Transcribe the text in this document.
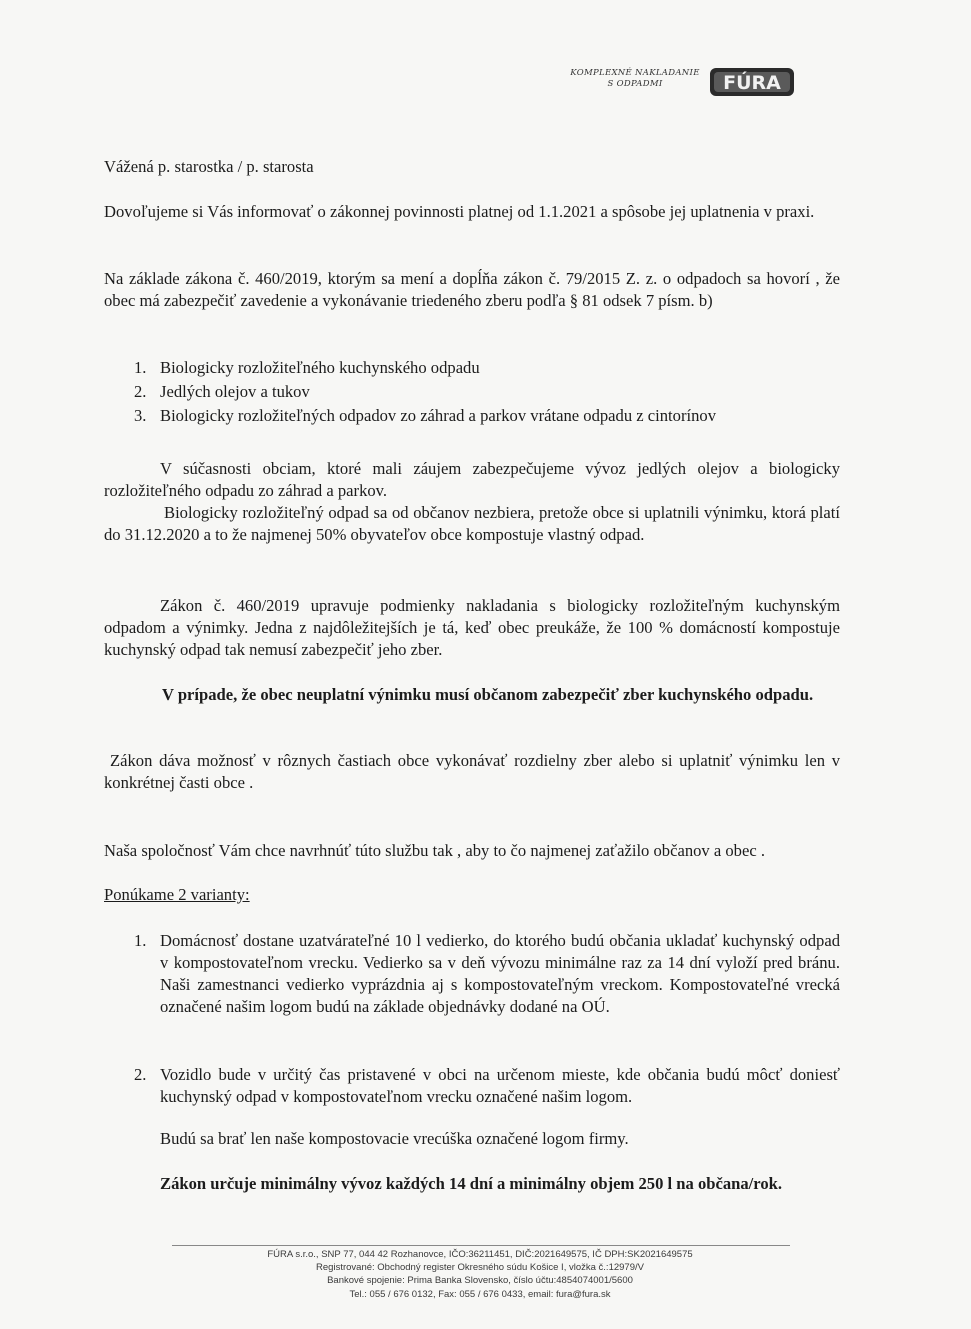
KOMPLEXNÉ NAKLADANIE
S ODPADMI	FÚRA

Vážená p. starostka / p. starosta

Dovoľujeme si Vás informovať o zákonnej povinnosti platnej od 1.1.2021 a spôsobe jej uplatnenia v praxi.

Na základe zákona č. 460/2019, ktorým sa mení a dopĺňa zákon č. 79/2015 Z. z. o odpadoch sa hovorí , že obec má zabezpečiť zavedenie a vykonávanie triedeného zberu podľa § 81 odsek 7 písm. b)

1. Biologicky rozložiteľného kuchynského odpadu
2. Jedlých olejov a tukov
3. Biologicky rozložiteľných odpadov zo záhrad a parkov vrátane odpadu z cintorínov

V súčasnosti obciam, ktoré mali záujem zabezpečujeme vývoz jedlých olejov a biologicky rozložiteľného odpadu zo záhrad a parkov.

Biologicky rozložiteľný odpad sa od občanov nezbiera, pretože obce si uplatnili výnimku, ktorá platí do 31.12.2020 a to že najmenej 50% obyvateľov obce kompostuje vlastný odpad.

Zákon č. 460/2019 upravuje podmienky nakladania s biologicky rozložiteľným kuchynským odpadom a výnimky. Jedna z najdôležitejších je tá, keď obec preukáže, že 100 % domácností kompostuje kuchynský odpad tak nemusí zabezpečiť jeho zber.

V prípade, že obec neuplatní výnimku musí občanom zabezpečiť zber kuchynského odpadu.

Zákon dáva možnosť v rôznych častiach obce vykonávať rozdielny zber alebo si uplatniť výnimku len v konkrétnej časti obce .

Naša spoločnosť Vám chce navrhnúť túto službu tak , aby to čo najmenej zaťažilo občanov a obec .

Ponúkame 2 varianty:

1. Domácnosť dostane uzatvárateľné 10 l vedierko, do ktorého budú občania ukladať kuchynský odpad v kompostovateľnom vrecku. Vedierko sa v deň vývozu minimálne raz za 14 dní vyloží pred bránu. Naši zamestnanci vedierko vyprázdnia aj s kompostovateľným vreckom. Kompostovateľné vrecká označené našim logom budú na základe objednávky dodané na OÚ.

2. Vozidlo bude v určitý čas pristavené v obci na určenom mieste, kde občania budú môcť doniesť kuchynský odpad v kompostovateľnom vrecku označené našim logom.

Budú sa brať len naše kompostovacie vrecúška označené logom firmy.

Zákon určuje minimálny vývoz každých 14 dní a minimálny objem 250 l na občana/rok.

FÚRA s.r.o., SNP 77, 044 42 Rozhanovce, IČO:36211451, DIČ:2021649575, IČ DPH:SK2021649575
Registrované: Obchodný register Okresného súdu Košice I, vložka č.:12979/V
Bankové spojenie: Prima Banka Slovensko, číslo účtu:4854074001/5600
Tel.: 055 / 676 0132, Fax: 055 / 676 0433, email: fura@fura.sk
